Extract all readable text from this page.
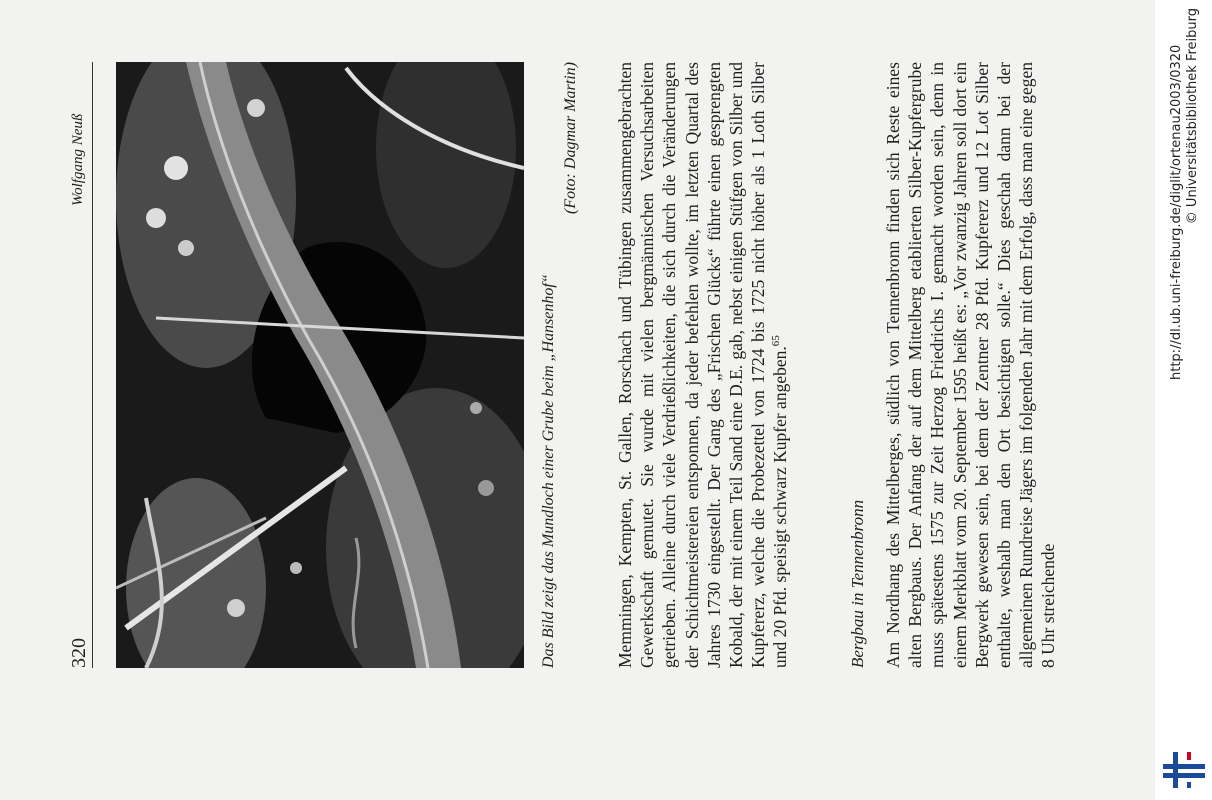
320
Wolfgang Neuß
Das Bild zeigt das Mundloch einer Grube beim „Hansenhof“
(Foto: Dagmar Martin) Memmingen, Kempten, St. Gallen, Rorschach und Tübingen zusammengebrachten Gewerkschaft gemutet. Sie wurde mit vielen bergmännischen Versuchsarbeiten getrieben. Alleine durch viele Verdrießlichkeiten, die sich durch die Veränderungen der Schichtmeistereien entsponnen, da jeder befehlen wollte, im letzten Quartal des Jahres 1730 eingestellt. Der Gang des „Frischen Glücks“ führte einen gesprengten Kobald, der mit einem Teil Sand eine D.E. gab, nebst einigen Stüfgen von Silber und Kupfererz, welche die Probezettel von 1724 bis 1725 nicht höher als 1 Loth Silber und 20 Pfd. speisigt schwarz Kupfer angeben.$^{65}$

Bergbau in Tennenbronn Am Nordhang des Mittelberges, südlich von Tennenbronn finden sich Reste eines alten Bergbaus. Der Anfang der auf dem Mittelberg etablierten Silber-Kupfergrube muss spätestens 1575 zur Zeit Herzog Friedrichs I. gemacht worden sein, denn in einem Merkblatt vom 20. September 1595 heißt es: „Vor zwanzig Jahren soll dort ein Bergwerk gewesen sein, bei dem der Zentner 28 Pfd. Kupfererz und 12 Lot Silber enthalte, weshalb man den Ort besichtigen solle.“ Dies geschah dann bei der allgemeinen Rundreise Jägers im folgenden Jahr mit dem Erfolg, dass man eine gegen 8 Uhr streichende

http://dl.ub.uni-freiburg.de/diglit/ortenau2003/0320 © Universitätsbibliothek Freiburg
